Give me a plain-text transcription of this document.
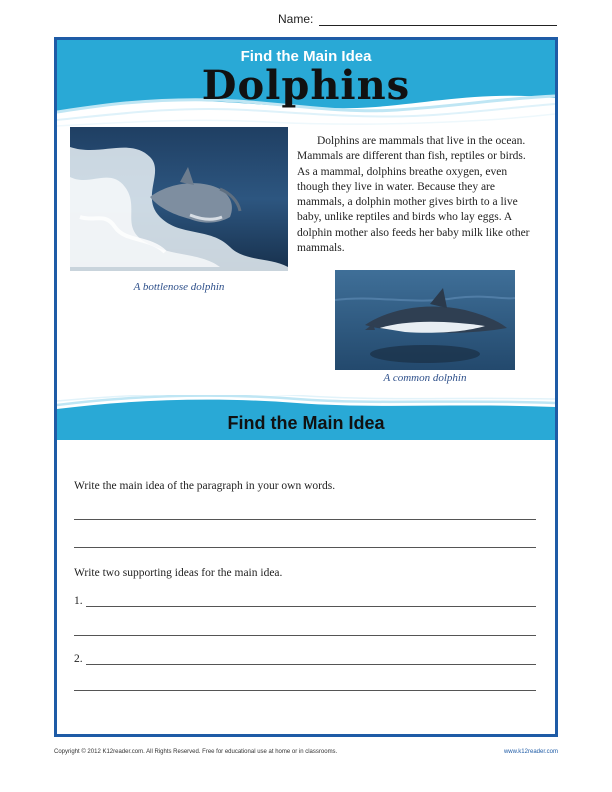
Name:
Find the Main Idea
Dolphins
A bottlenose dolphin
Dolphins are mammals that live in the ocean. Mammals are different than fish, reptiles or birds. As a mammal, dolphins breathe oxygen, even though they live in water. Because they are mammals, a dolphin mother gives birth to a live baby, unlike reptiles and birds who lay eggs. A dolphin mother also feeds her baby milk like other mammals.
A common dolphin
Find the Main Idea
Write the main idea of the paragraph in your own words.
Write two supporting ideas for the main idea.
1.
2.
Copyright © 2012 K12reader.com. All Rights Reserved. Free for educational use at home or in classrooms.	www.k12reader.com
